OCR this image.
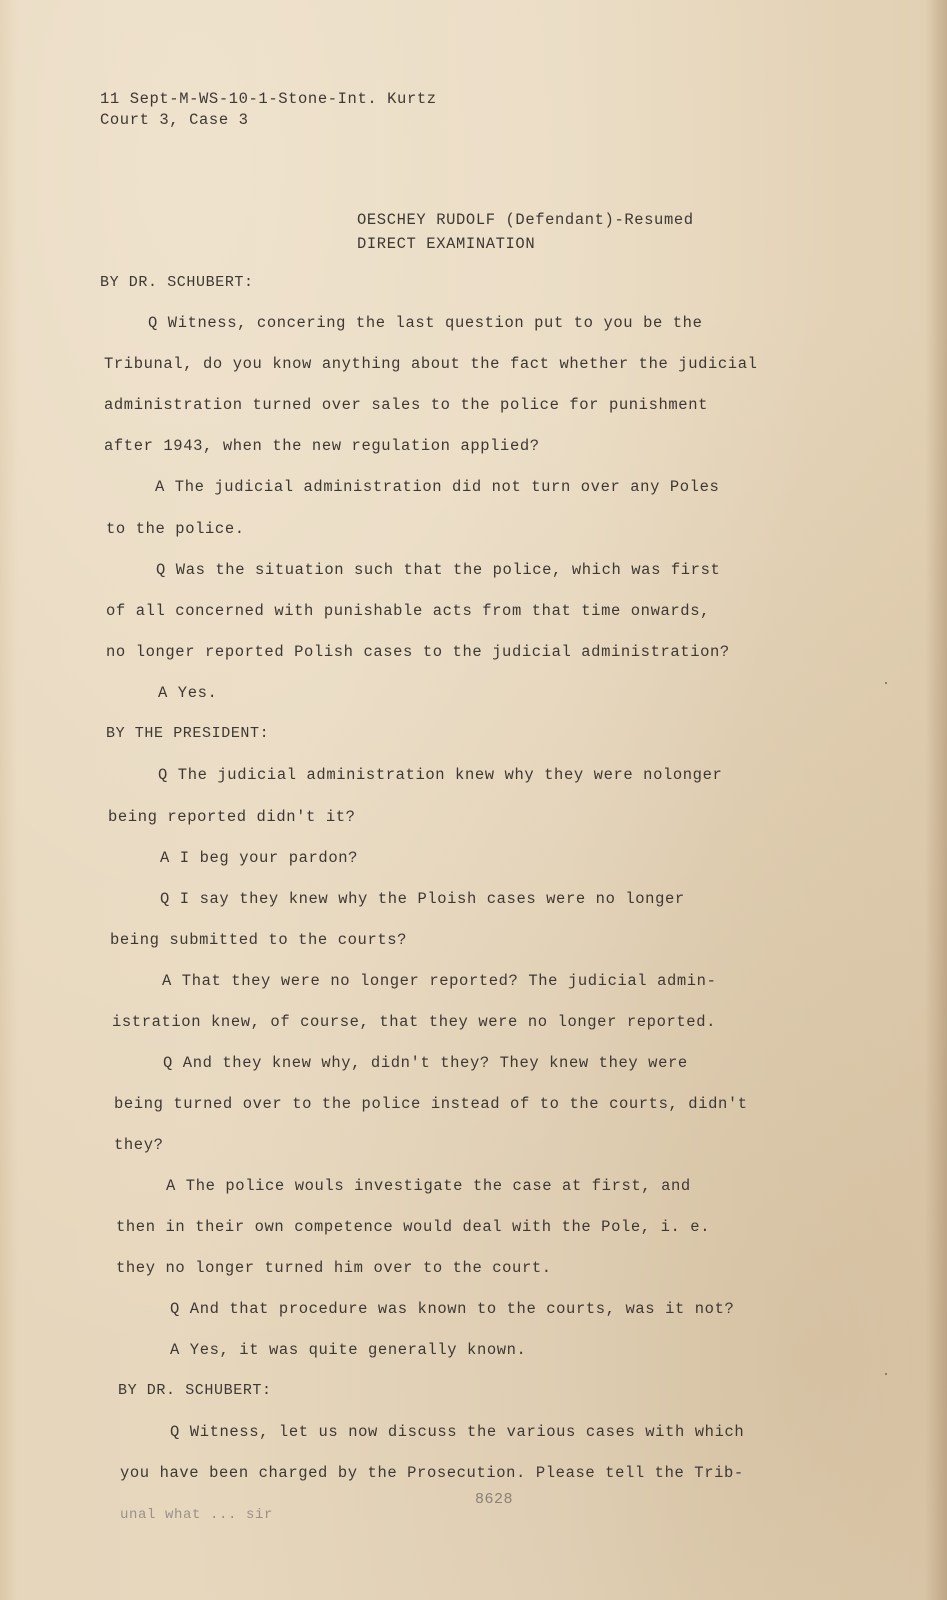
11 Sept-M-WS-10-1-Stone-Int. Kurtz
Court 3, Case 3
OESCHEY RUDOLF (Defendant)-Resumed
DIRECT EXAMINATION
BY DR. SCHUBERT:
Q Witness, concering the last question put to you be the
Tribunal, do you know anything about the fact whether the judicial
administration turned over sales to the police for punishment
after 1943, when the new regulation applied?
A The judicial administration did not turn over any Poles
to the police.
Q Was the situation such that the police, which was first
of all concerned with punishable acts from that time onwards,
no longer reported Polish cases to the judicial administration?
A Yes.
BY THE PRESIDENT:
Q The judicial administration knew why they were nolonger
being reported didn't it?
A I beg your pardon?
Q I say they knew why the Ploish cases were no longer
being submitted to the courts?
A That they were no longer reported? The judicial admin-
istration knew, of course, that they were no longer reported.
Q And they knew why, didn't they? They knew they were
being turned over to the police instead of to the courts, didn't
they?
A The police wouls investigate the case at first, and
then in their own competence would deal with the Pole, i. e.
they no longer turned him over to the court.
Q And that procedure was known to the courts, was it not?
A Yes, it was quite generally known.
BY DR. SCHUBERT:
Q Witness, let us now discuss the various cases with which
you have been charged by the Prosecution. Please tell the Trib-
unal what ... sir
8628
